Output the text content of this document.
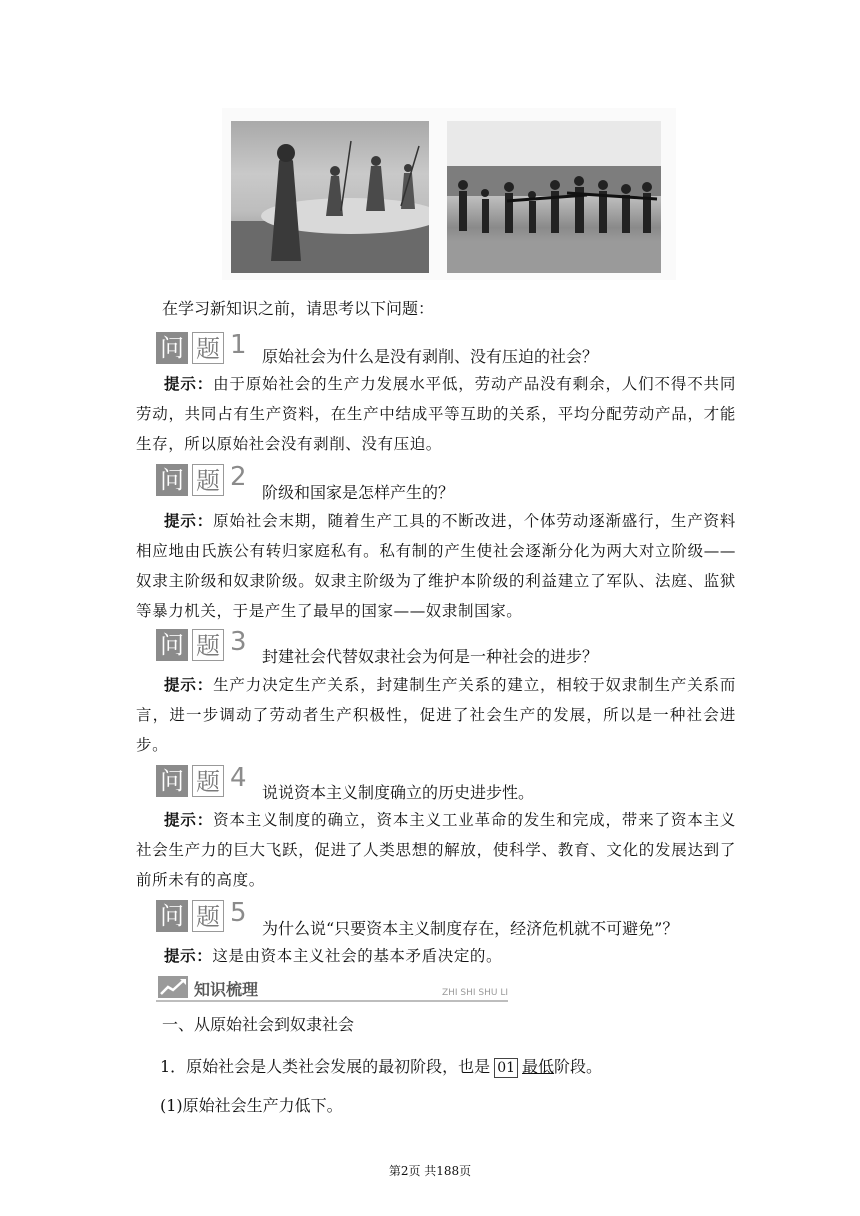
在学习新知识之前，请思考以下问题：
问 题 1 原始社会为什么是没有剥削、没有压迫的社会？
提示：由于原始社会的生产力发展水平低，劳动产品没有剩余，人们不得不共同劳动，共同占有生产资料，在生产中结成平等互助的关系，平均分配劳动产品，才能生存，所以原始社会没有剥削、没有压迫。
问 题 2
阶级和国家是怎样产生的？
提示：原始社会末期，随着生产工具的不断改进，个体劳动逐渐盛行，生产资料相应地由氏族公有转归家庭私有。私有制的产生使社会逐渐分化为两大对立阶级——奴隶主阶级和奴隶阶级。奴隶主阶级为了维护本阶级的利益建立了军队、法庭、监狱等暴力机关，于是产生了最早的国家——奴隶制国家。
问 题 3 封建社会代替奴隶社会为何是一种社会的进步？
提示：生产力决定生产关系，封建制生产关系的建立，相较于奴隶制生产关系而言，进一步调动了劳动者生产积极性，促进了社会生产的发展，所以是一种社会进步。
问 题 4 说说资本主义制度确立的历史进步性。
提示：资本主义制度的确立，资本主义工业革命的发生和完成，带来了资本主义社会生产力的巨大飞跃，促进了人类思想的解放，使科学、教育、文化的发展达到了前所未有的高度。
问 题 5
为什么说“只要资本主义制度存在，经济危机就不可避免”？
提示：这是由资本主义社会的基本矛盾决定的。
知识梳理	ZHI SHI SHU LI
一、从原始社会到奴隶社会
1．原始社会是人类社会发展的最初阶段，也是 01 最低阶段。
(1)原始社会生产力低下。
第2页 共188页
